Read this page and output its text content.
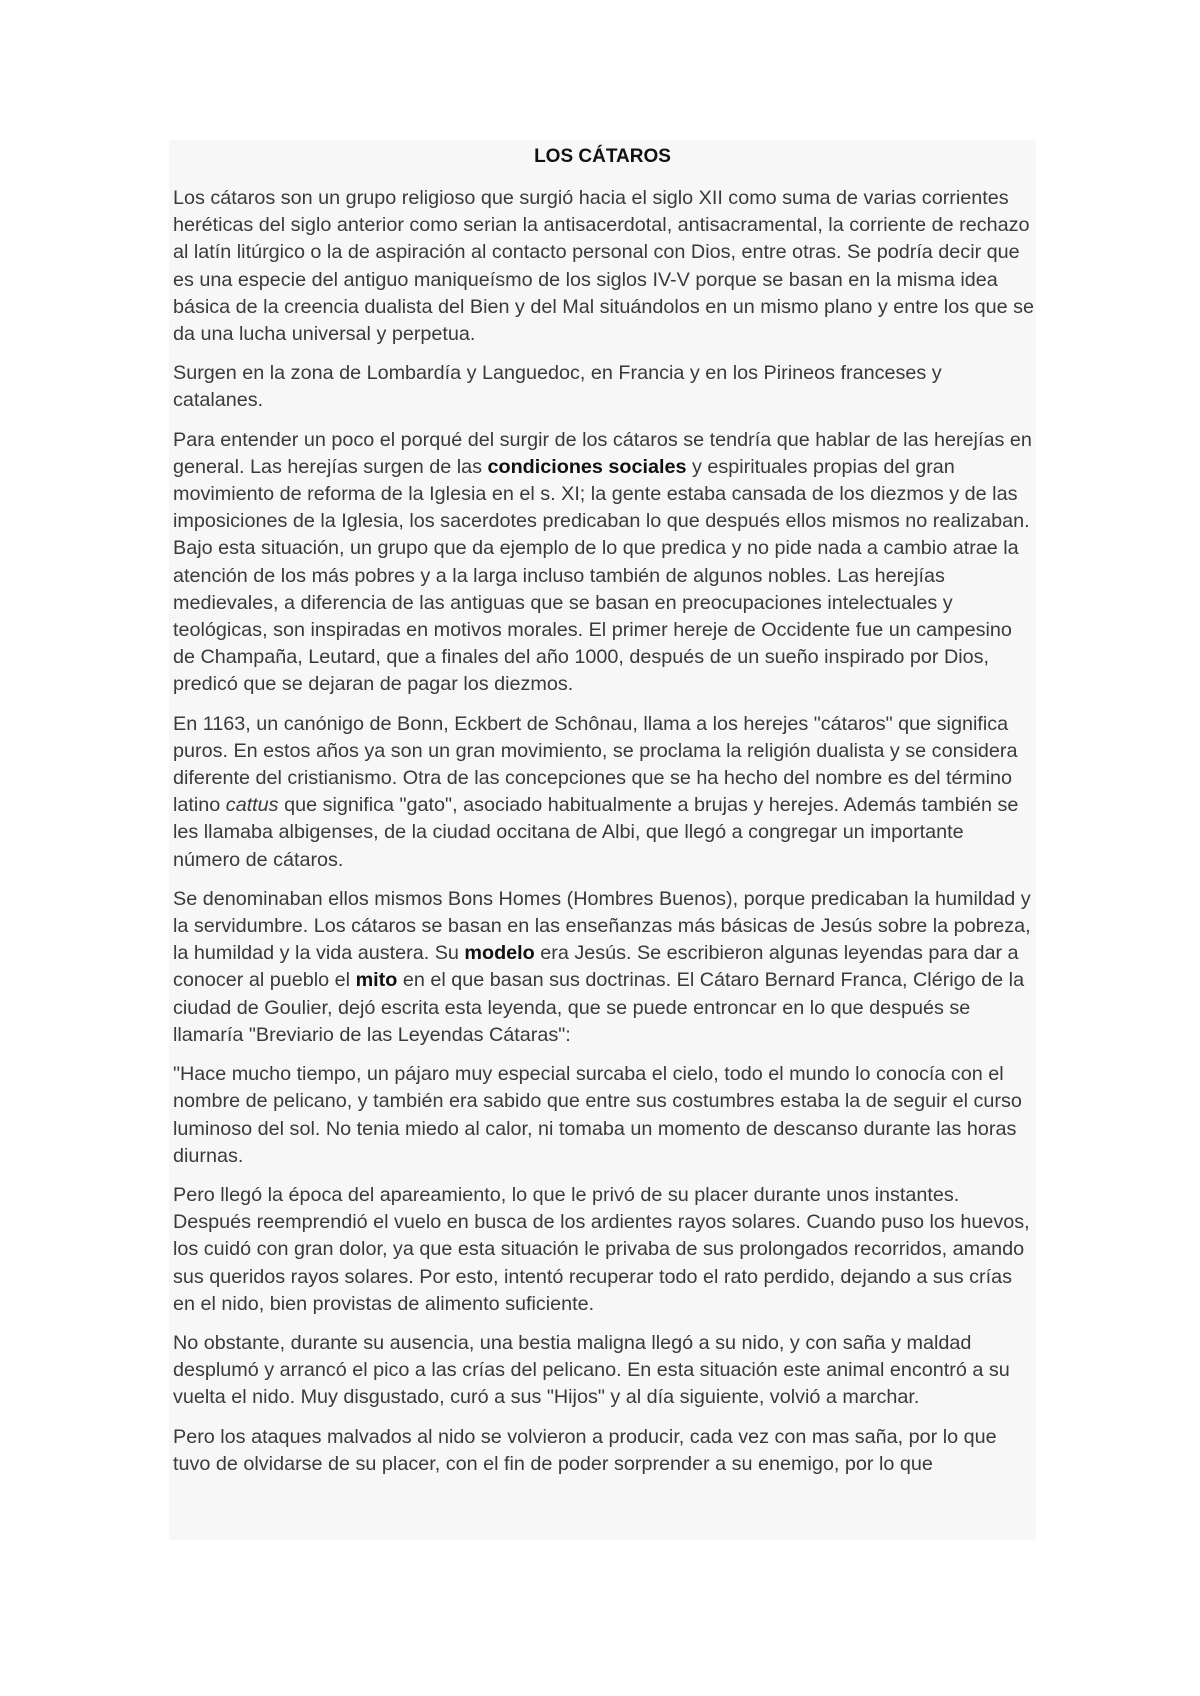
LOS CÁTAROS

Los cátaros son un grupo religioso que surgió hacia el siglo XII como suma de varias corrientes heréticas del siglo anterior como serian la antisacerdotal, antisacramental, la corriente de rechazo al latín litúrgico o la de aspiración al contacto personal con Dios, entre otras. Se podría decir que es una especie del antiguo maniqueísmo de los siglos IV-V porque se basan en la misma idea básica de la creencia dualista del Bien y del Mal situándolos en un mismo plano y entre los que se da una lucha universal y perpetua.

Surgen en la zona de Lombardía y Languedoc, en Francia y en los Pirineos franceses y catalanes.

Para entender un poco el porqué del surgir de los cátaros se tendría que hablar de las herejías en general. Las herejías surgen de las condiciones sociales y espirituales propias del gran movimiento de reforma de la Iglesia en el s. XI; la gente estaba cansada de los diezmos y de las imposiciones de la Iglesia, los sacerdotes predicaban lo que después ellos mismos no realizaban. Bajo esta situación, un grupo que da ejemplo de lo que predica y no pide nada a cambio atrae la atención de los más pobres y a la larga incluso también de algunos nobles. Las herejías medievales, a diferencia de las antiguas que se basan en preocupaciones intelectuales y teológicas, son inspiradas en motivos morales. El primer hereje de Occidente fue un campesino de Champaña, Leutard, que a finales del año 1000, después de un sueño inspirado por Dios, predicó que se dejaran de pagar los diezmos.

En 1163, un canónigo de Bonn, Eckbert de Schônau, llama a los herejes "cátaros" que significa puros. En estos años ya son un gran movimiento, se proclama la religión dualista y se considera diferente del cristianismo. Otra de las concepciones que se ha hecho del nombre es del término latino cattus que significa "gato", asociado habitualmente a brujas y herejes. Además también se les llamaba albigenses, de la ciudad occitana de Albi, que llegó a congregar un importante número de cátaros.

Se denominaban ellos mismos Bons Homes (Hombres Buenos), porque predicaban la humildad y la servidumbre. Los cátaros se basan en las enseñanzas más básicas de Jesús sobre la pobreza, la humildad y la vida austera. Su modelo era Jesús. Se escribieron algunas leyendas para dar a conocer al pueblo el mito en el que basan sus doctrinas. El Cátaro Bernard Franca, Clérigo de la ciudad de Goulier, dejó escrita esta leyenda, que se puede entroncar en lo que después se llamaría "Breviario de las Leyendas Cátaras":

"Hace mucho tiempo, un pájaro muy especial surcaba el cielo, todo el mundo lo conocía con el nombre de pelicano, y también era sabido que entre sus costumbres estaba la de seguir el curso luminoso del sol. No tenia miedo al calor, ni tomaba un momento de descanso durante las horas diurnas.

Pero llegó la época del apareamiento, lo que le privó de su placer durante unos instantes. Después reemprendió el vuelo en busca de los ardientes rayos solares. Cuando puso los huevos, los cuidó con gran dolor, ya que esta situación le privaba de sus prolongados recorridos, amando sus queridos rayos solares. Por esto, intentó recuperar todo el rato perdido, dejando a sus crías en el nido, bien provistas de alimento suficiente.

No obstante, durante su ausencia, una bestia maligna llegó a su nido, y con saña y maldad desplumó y arrancó el pico a las crías del pelicano. En esta situación este animal encontró a su vuelta el nido. Muy disgustado, curó a sus "Hijos" y al día siguiente, volvió a marchar.

Pero los ataques malvados al nido se volvieron a producir, cada vez con mas saña, por lo que tuvo de olvidarse de su placer, con el fin de poder sorprender a su enemigo, por lo que
